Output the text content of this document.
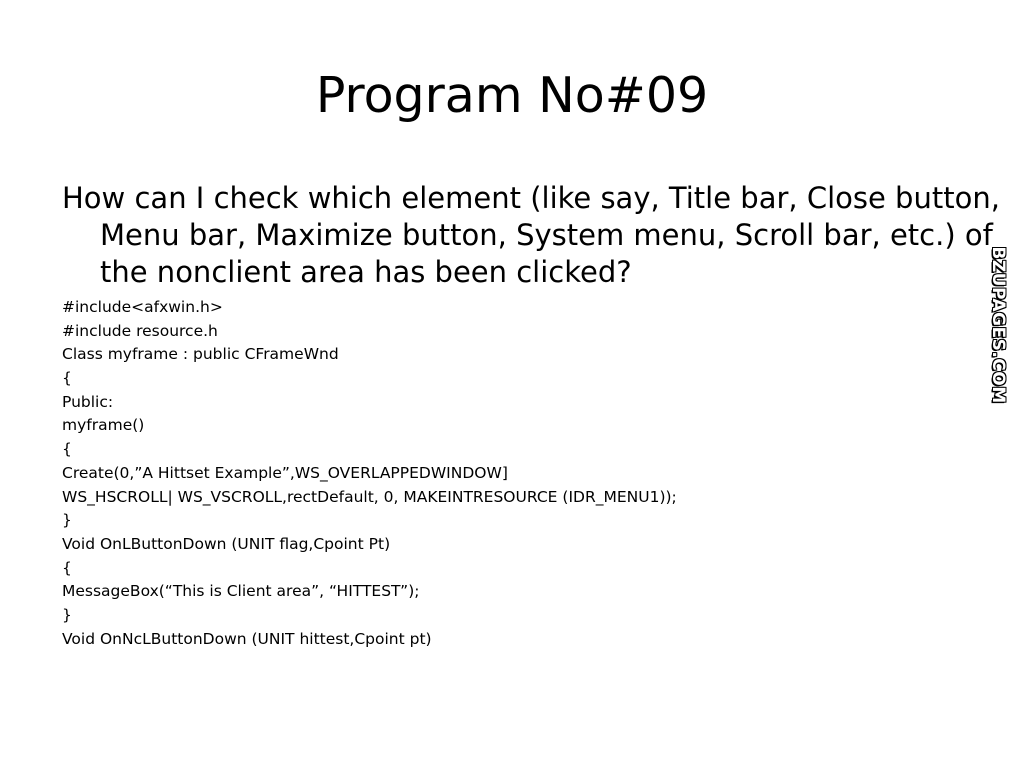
Program No#09
How can I check which element (like say, Title bar, Close button, Menu bar, Maximize button, System menu, Scroll bar, etc.) of the nonclient area has been clicked?
#include<afxwin.h>
#include resource.h
Class myframe : public CFrameWnd
{
Public:
myframe()
{
Create(0,”A Hittset Example”,WS_OVERLAPPEDWINDOW]
WS_HSCROLL| WS_VSCROLL,rectDefault, 0, MAKEINTRESOURCE (IDR_MENU1));
}
Void OnLButtonDown (UNIT flag,Cpoint Pt)
{
MessageBox(“This is Client area”, “HITTEST”);
}
Void OnNcLButtonDown (UNIT hittest,Cpoint pt)
BZUPAGES.COM
